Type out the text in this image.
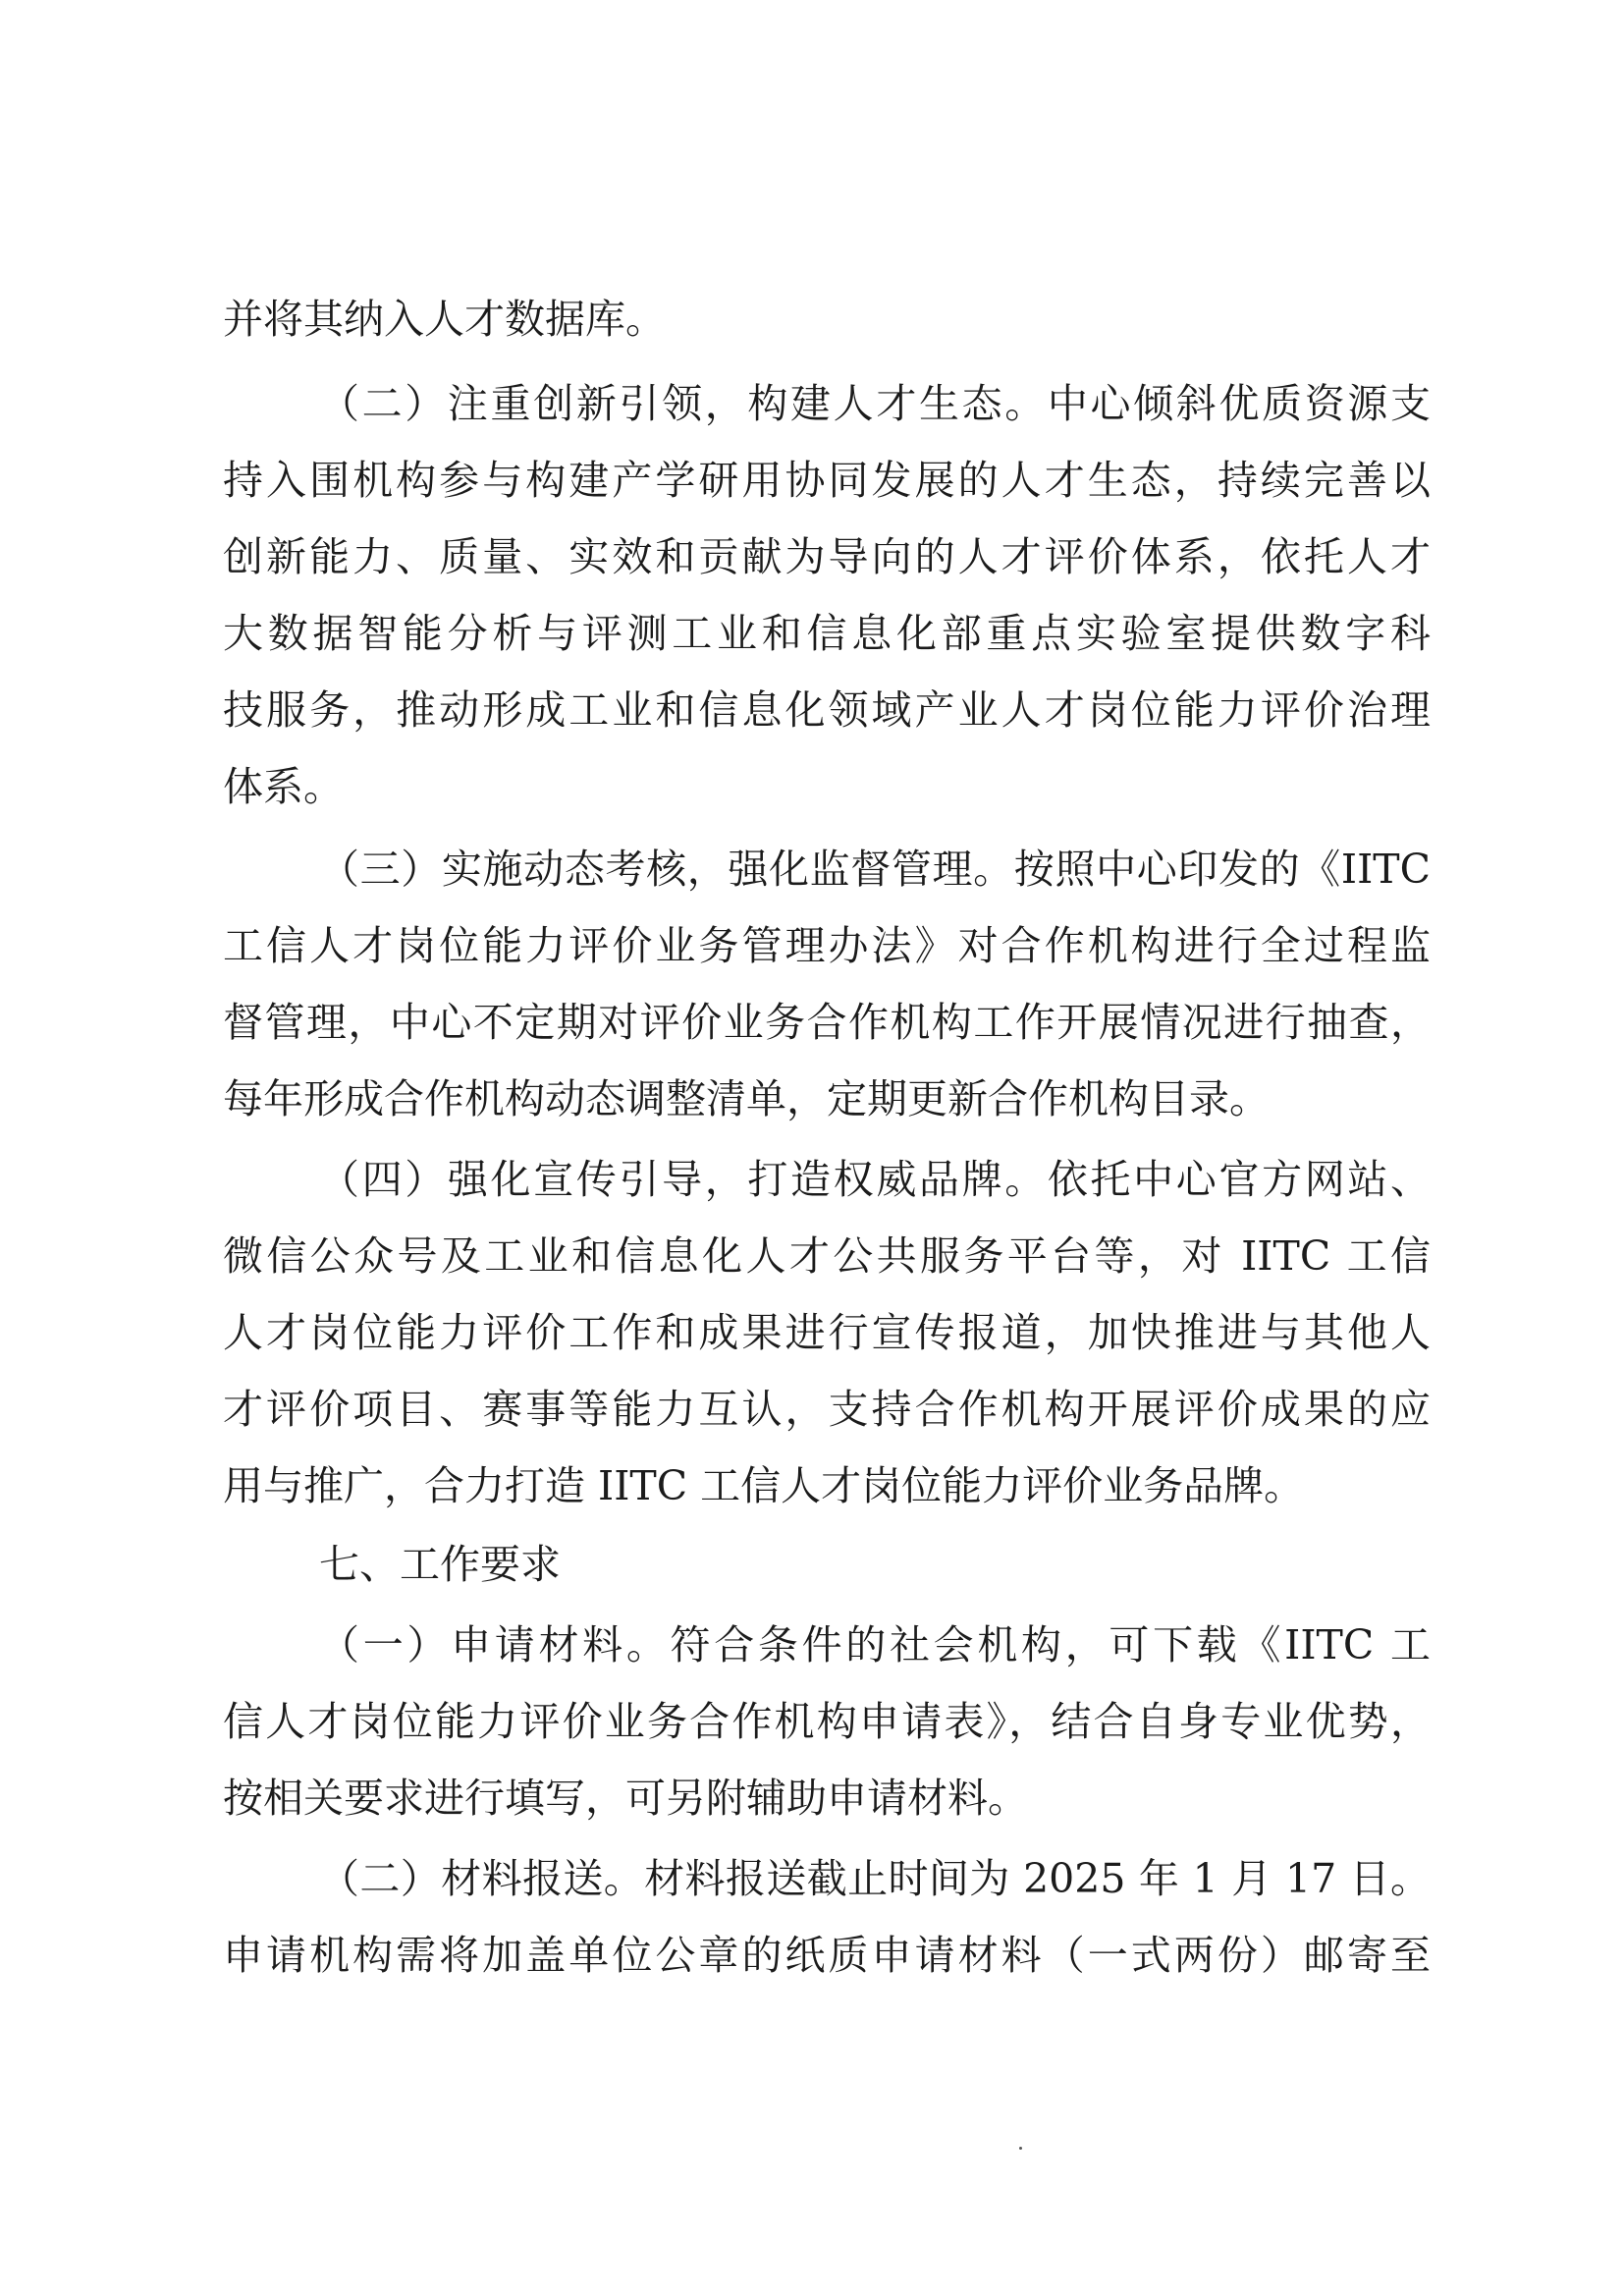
并将其纳入人才数据库。
（二）注重创新引领，构建人才生态。中心倾斜优质资源支
持入围机构参与构建产学研用协同发展的人才生态，持续完善以
创新能力、质量、实效和贡献为导向的人才评价体系，依托人才
大数据智能分析与评测工业和信息化部重点实验室提供数字科
技服务，推动形成工业和信息化领域产业人才岗位能力评价治理
体系。
（三）实施动态考核，强化监督管理。按照中心印发的《IITC
工信人才岗位能力评价业务管理办法》对合作机构进行全过程监
督管理，中心不定期对评价业务合作机构工作开展情况进行抽查，
每年形成合作机构动态调整清单，定期更新合作机构目录。
（四）强化宣传引导，打造权威品牌。依托中心官方网站、
微信公众号及工业和信息化人才公共服务平台等，对 IITC 工信
人才岗位能力评价工作和成果进行宣传报道，加快推进与其他人
才评价项目、赛事等能力互认，支持合作机构开展评价成果的应
用与推广，合力打造 IITC 工信人才岗位能力评价业务品牌。
七、工作要求
（一）申请材料。符合条件的社会机构，可下载《IITC 工
信人才岗位能力评价业务合作机构申请表》，结合自身专业优势，
按相关要求进行填写，可另附辅助申请材料。
（二）材料报送。材料报送截止时间为 2025 年 1 月 17 日。
申请机构需将加盖单位公章的纸质申请材料（一式两份）邮寄至
